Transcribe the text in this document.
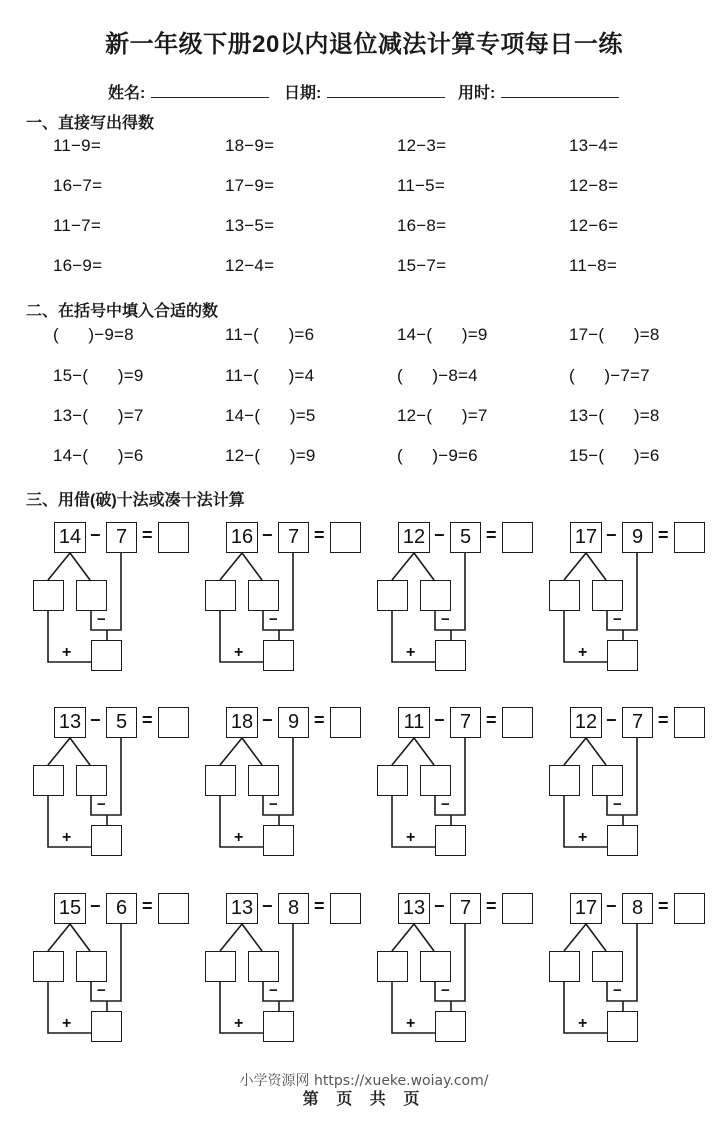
新一年级下册20以内退位减法计算专项每日一练
姓名:	日期:	用时:
一、直接写出得数
11−9=	18−9=	12−3=	13−4=
16−7=	17−9=	11−5=	12−8=
11−7=	13−5=	16−8=	12−6=
16−9=	12−4=	15−7=	11−8=
二、在括号中填入合适的数
(      )−9=8	11−(      )=6	14−(      )=9	17−(      )=8
15−(      )=9	11−(      )=4	(      )−8=4	(      )−7=7
13−(      )=7	14−(      )=5	12−(      )=7	13−(      )=8
14−(      )=6	12−(      )=9	(      )−9=6	15−(      )=6
三、用借(破)十法或凑十法计算
14 − 7 =
−
+
16 − 7 =
−
+
12 − 5 =
−
+
17 − 9 =
−
+
13 − 5 =
−
+
18 − 9 =
−
+
11 − 7 =
−
+
12 − 7 =
−
+
15 − 6 =
−
+
13 − 8 =
−
+
13 − 7 =
−
+
17 − 8 =
−
+
小学资源网 https://xueke.woiay.com/
第 页 共 页
